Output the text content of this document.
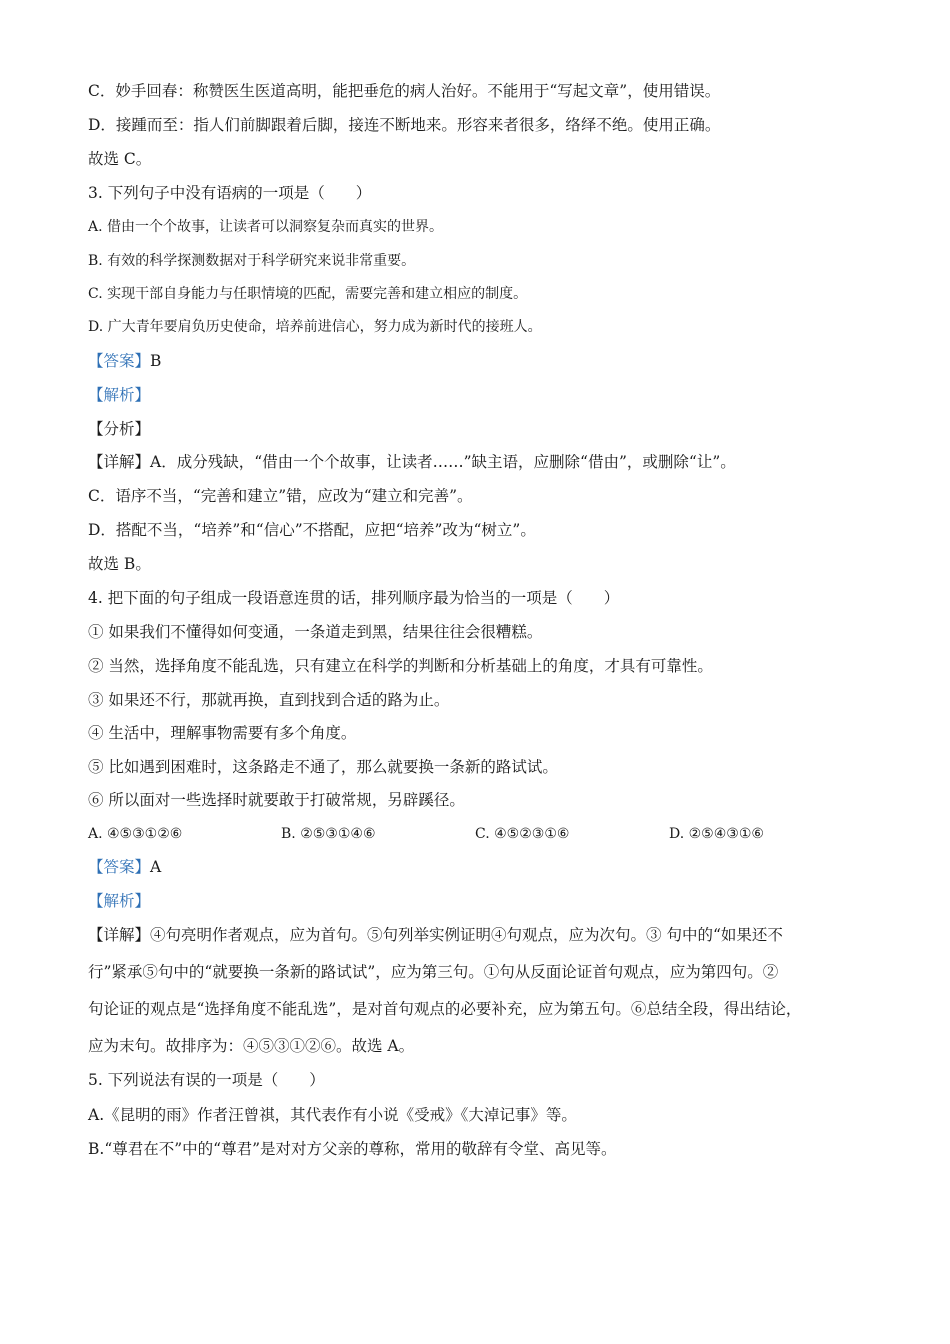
C．妙手回春：称赞医生医道高明，能把垂危的病人治好。不能用于“写起文章”，使用错误。
D．接踵而至：指人们前脚跟着后脚，接连不断地来。形容来者很多，络绎不绝。使用正确。
故选 C。
3. 下列句子中没有语病的一项是（　　）
A. 借由一个个故事，让读者可以洞察复杂而真实的世界。
B. 有效的科学探测数据对于科学研究来说非常重要。
C. 实现干部自身能力与任职情境的匹配，需要完善和建立相应的制度。
D. 广大青年要肩负历史使命，培养前进信心，努力成为新时代的接班人。
【答案】B
【解析】
【分析】
【详解】A．成分残缺，“借由一个个故事，让读者……”缺主语，应删除“借由”，或删除“让”。
C．语序不当，“完善和建立”错，应改为“建立和完善”。
D．搭配不当，“培养”和“信心”不搭配，应把“培养”改为“树立”。
故选 B。
4. 把下面的句子组成一段语意连贯的话，排列顺序最为恰当的一项是（　　）
① 如果我们不懂得如何变通，一条道走到黑，结果往往会很糟糕。
② 当然，选择角度不能乱选，只有建立在科学的判断和分析基础上的角度，才具有可靠性。
③ 如果还不行，那就再换，直到找到合适的路为止。
④ 生活中，理解事物需要有多个角度。
⑤ 比如遇到困难时，这条路走不通了，那么就要换一条新的路试试。
⑥ 所以面对一些选择时就要敢于打破常规，另辟蹊径。
A. ④⑤③①②⑥	B. ②⑤③①④⑥	C. ④⑤②③①⑥	D. ②⑤④③①⑥
【答案】A
【解析】
【详解】④句亮明作者观点，应为首句。⑤句列举实例证明④句观点，应为次句。③ 句中的“如果还不
行”紧承⑤句中的“就要换一条新的路试试”，应为第三句。①句从反面论证首句观点，应为第四句。②
句论证的观点是“选择角度不能乱选”，是对首句观点的必要补充，应为第五句。⑥总结全段，得出结论，
应为末句。故排序为：④⑤③①②⑥。故选 A。
5. 下列说法有误的一项是（　　）
A.《昆明的雨》作者汪曾祺，其代表作有小说《受戒》《大淖记事》等。
B.“尊君在不”中的“尊君”是对对方父亲的尊称，常用的敬辞有令堂、高见等。
